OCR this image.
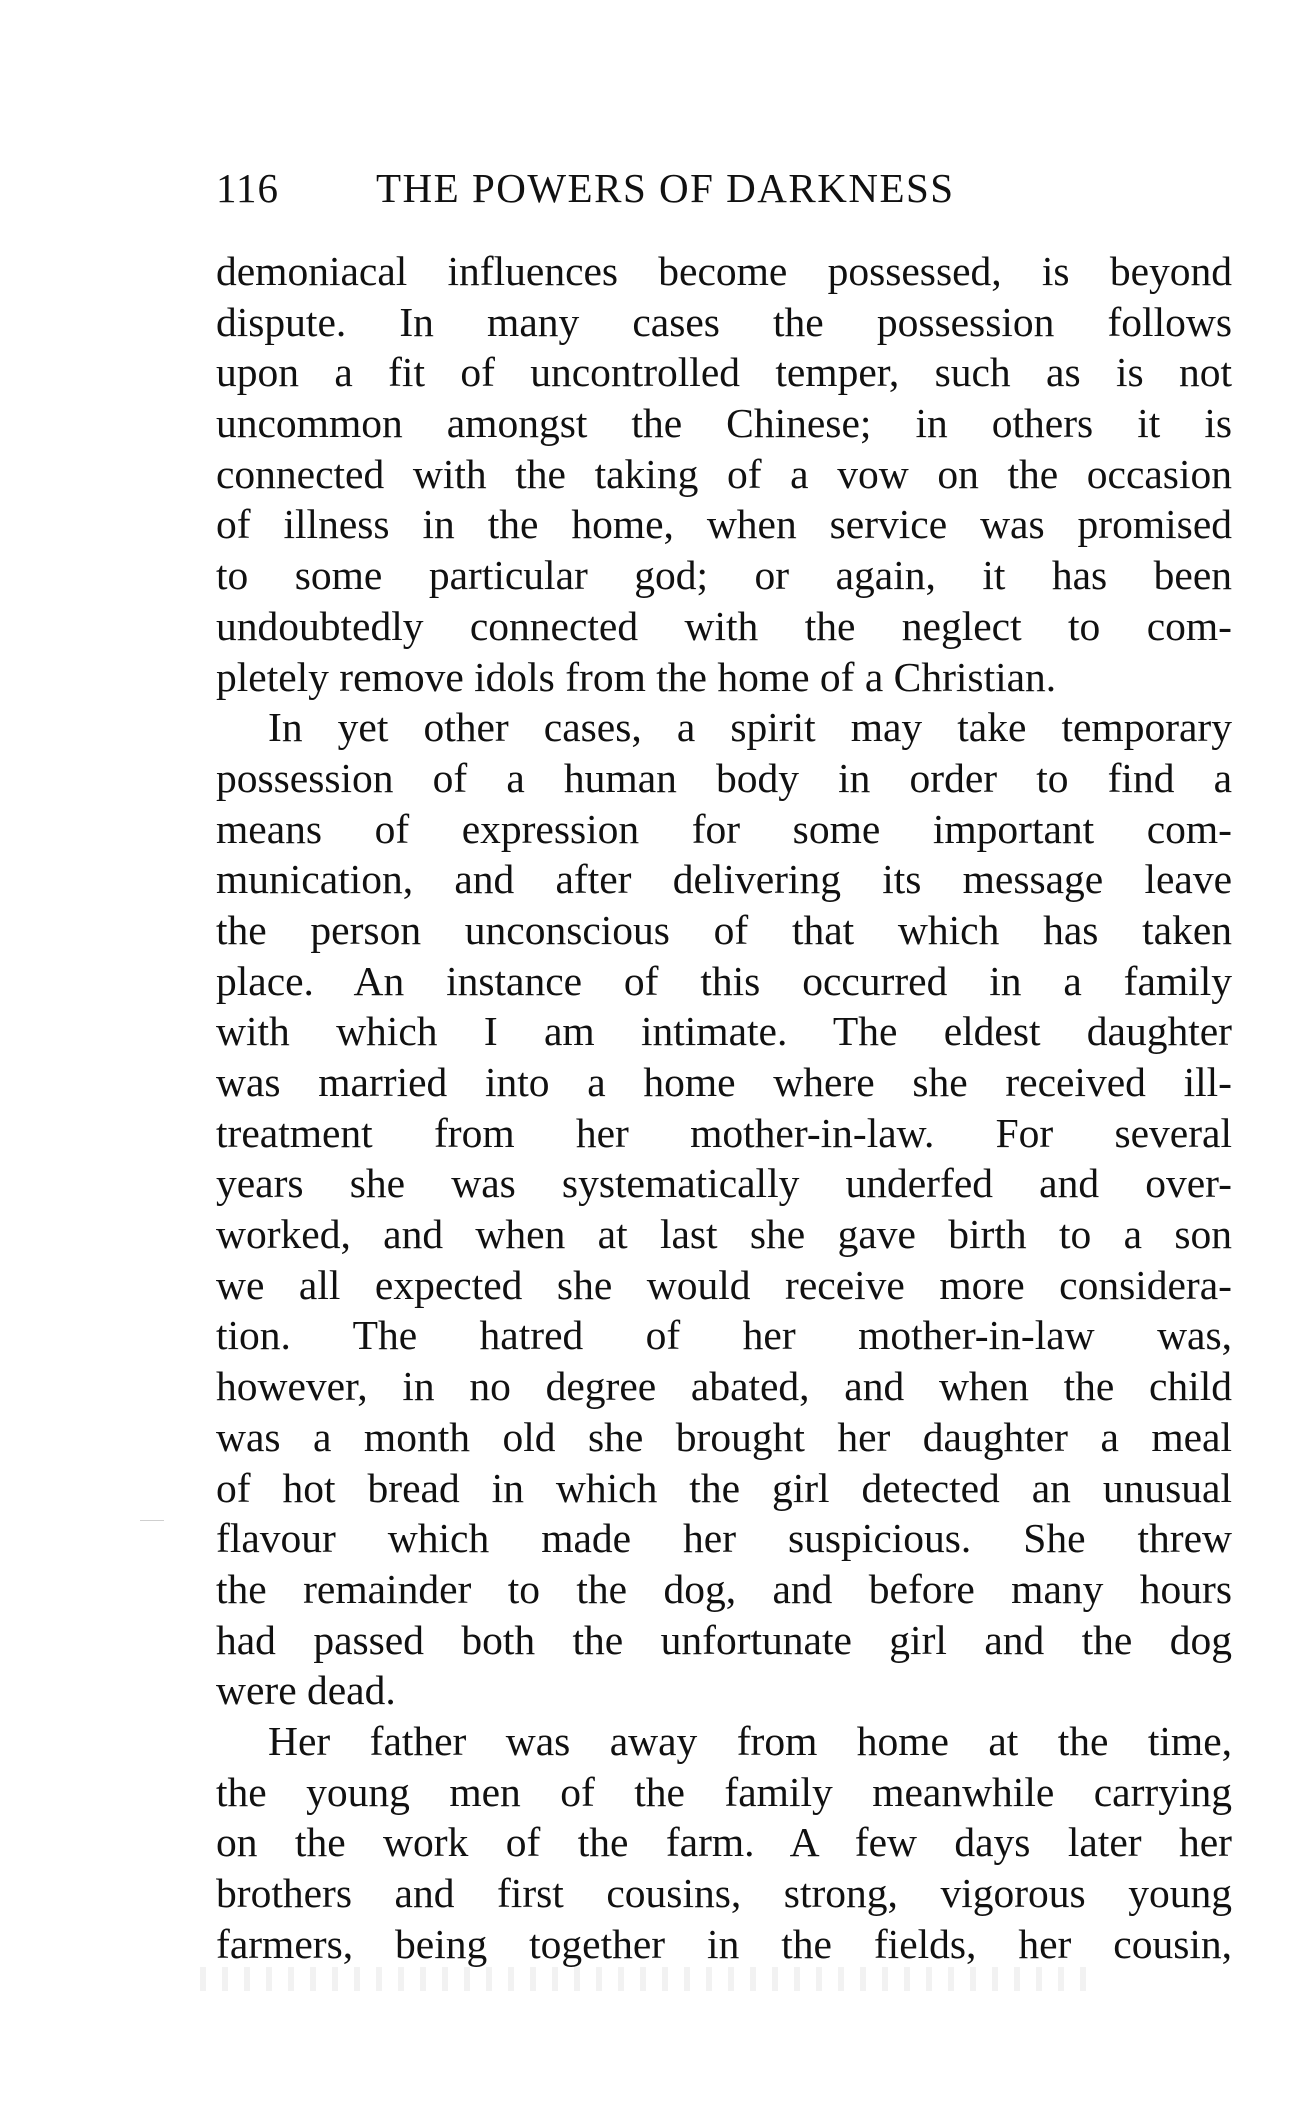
116 THE POWERS OF DARKNESS
demoniacal influences become possessed, is beyond
dispute. In many cases the possession follows
upon a fit of uncontrolled temper, such as is not
uncommon amongst the Chinese; in others it is
connected with the taking of a vow on the occasion
of illness in the home, when service was promised
to some particular god; or again, it has been
undoubtedly connected with the neglect to com-
pletely remove idols from the home of a Christian.
In yet other cases, a spirit may take temporary
possession of a human body in order to find a
means of expression for some important com-
munication, and after delivering its message leave
the person unconscious of that which has taken
place. An instance of this occurred in a family
with which I am intimate. The eldest daughter
was married into a home where she received ill-
treatment from her mother-in-law. For several
years she was systematically underfed and over-
worked, and when at last she gave birth to a son
we all expected she would receive more considera-
tion. The hatred of her mother-in-law was,
however, in no degree abated, and when the child
was a month old she brought her daughter a meal
of hot bread in which the girl detected an unusual
flavour which made her suspicious. She threw
the remainder to the dog, and before many hours
had passed both the unfortunate girl and the dog
were dead.
Her father was away from home at the time,
the young men of the family meanwhile carrying
on the work of the farm. A few days later her
brothers and first cousins, strong, vigorous young
farmers, being together in the fields, her cousin,
